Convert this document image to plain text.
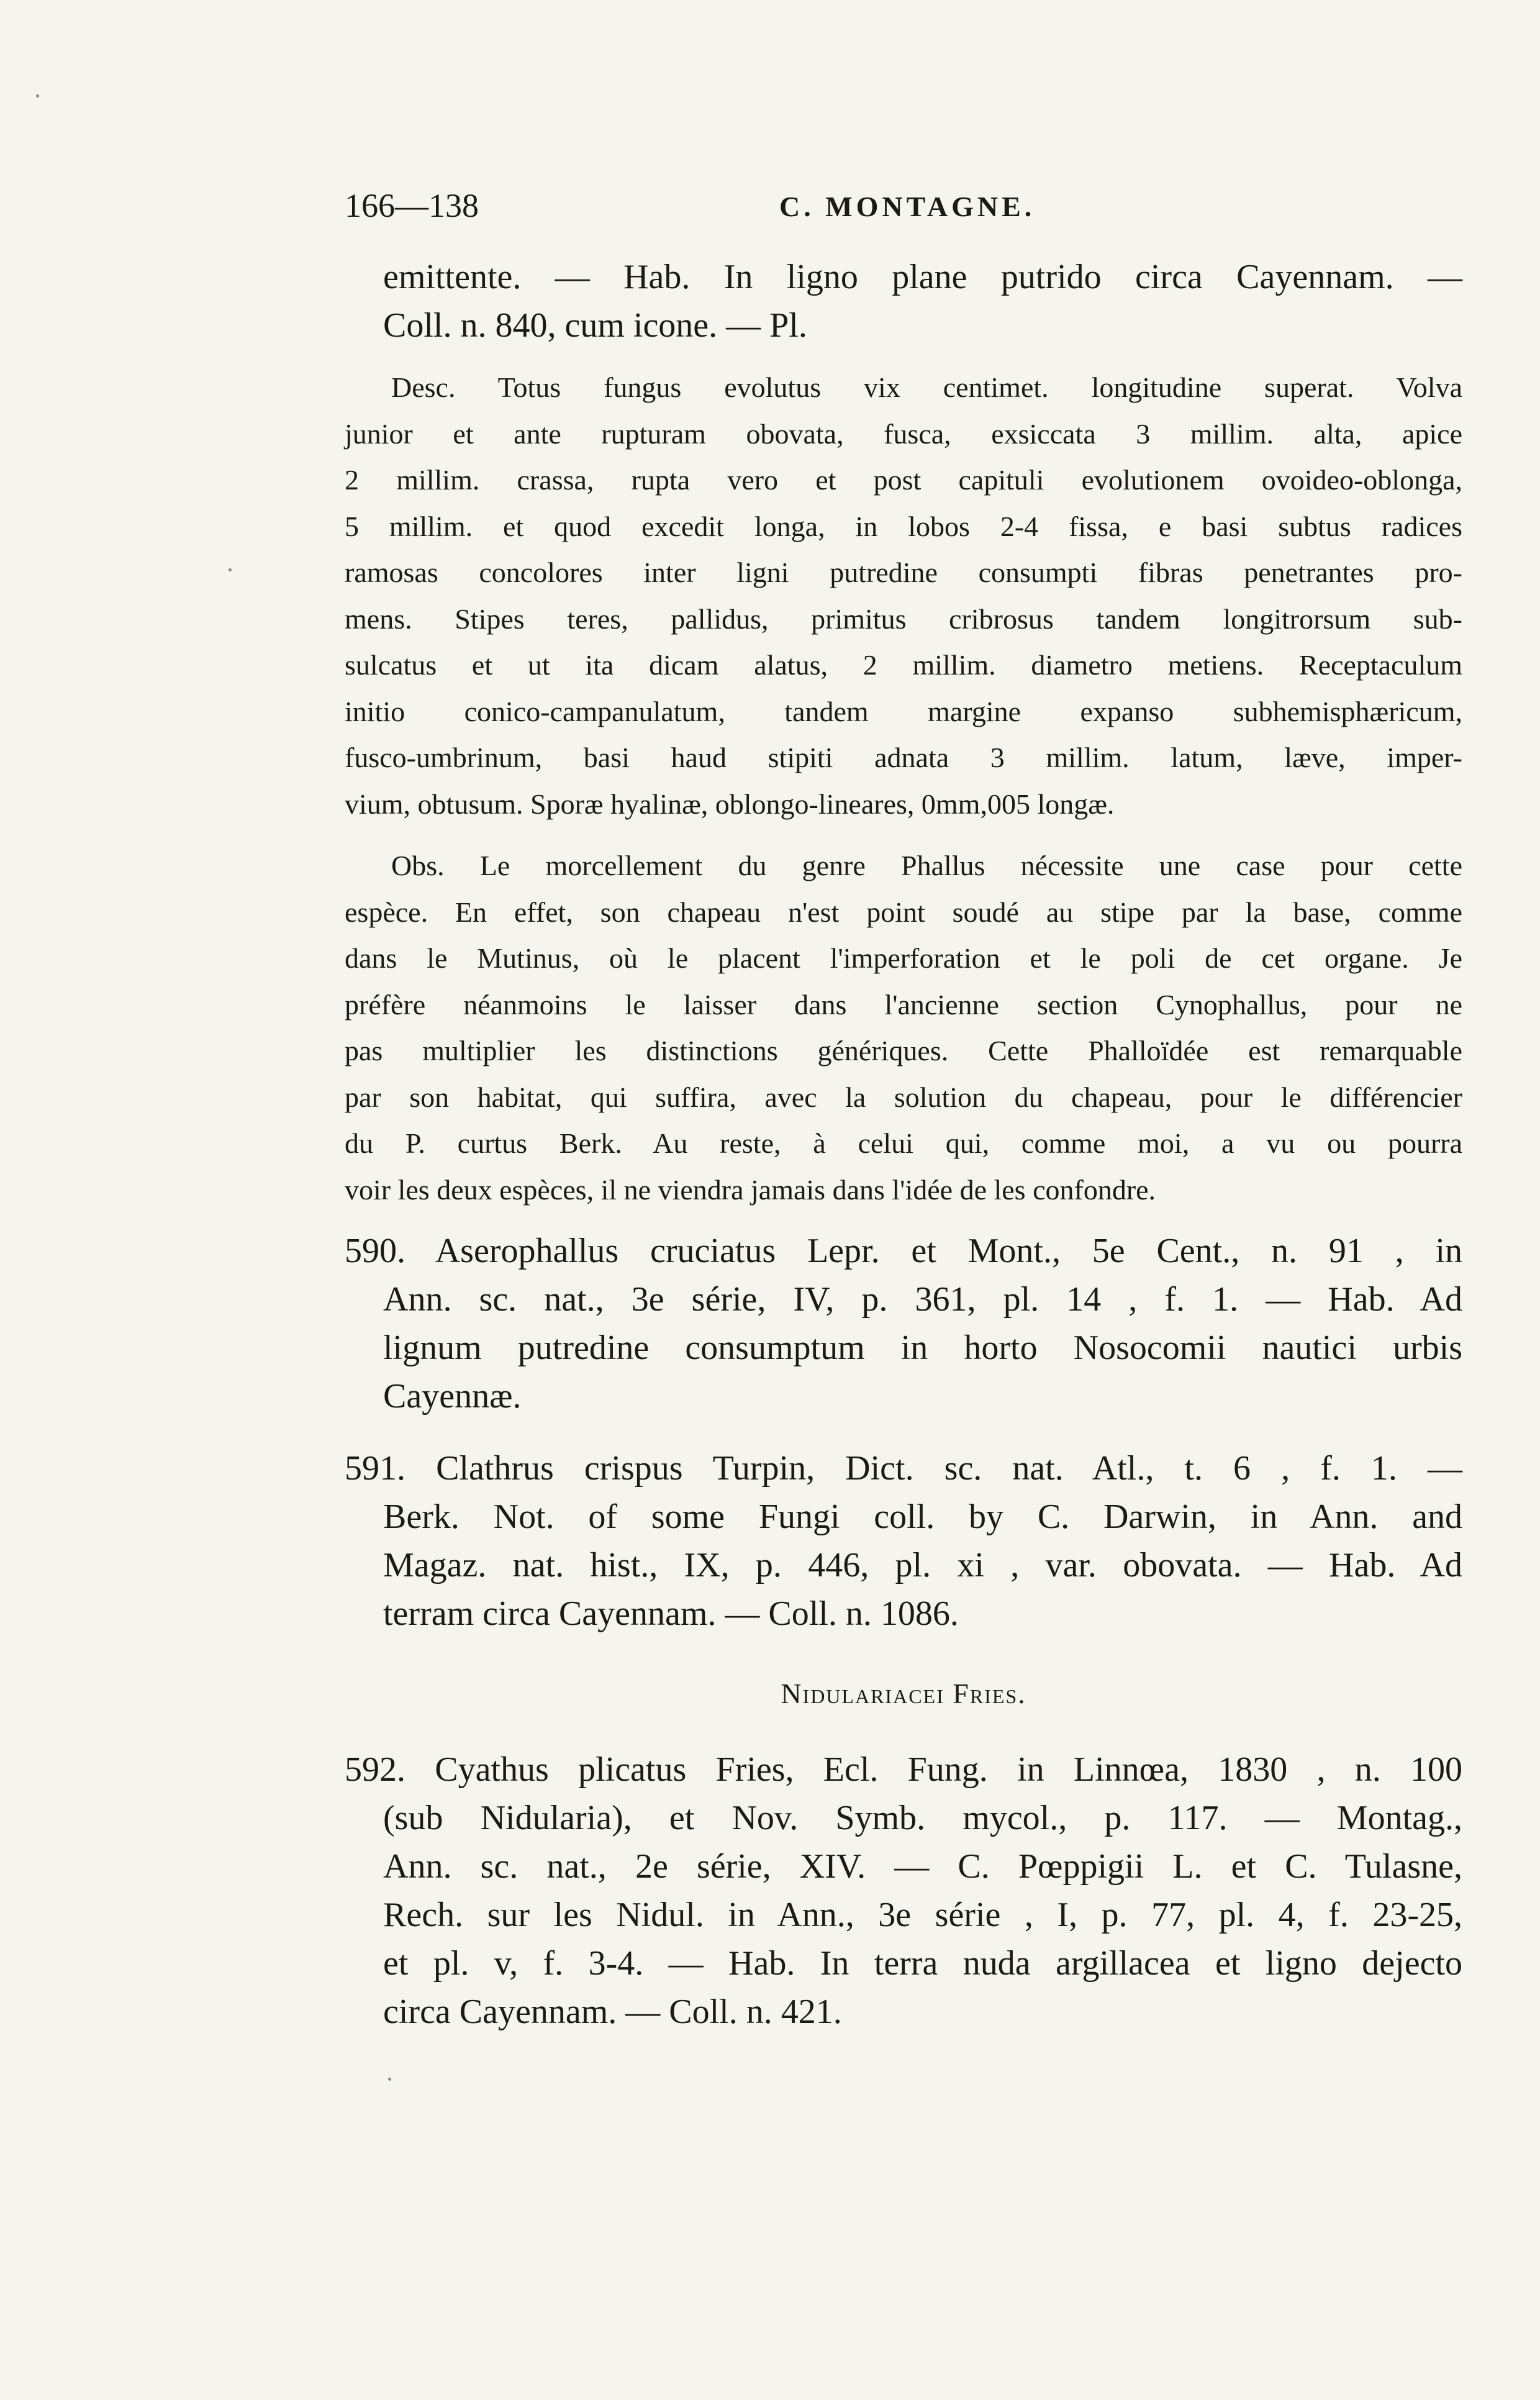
166—138	C. MONTAGNE.
emittente. — Hab. In ligno plane putrido circa Cayennam. —
Coll. n. 840, cum icone. — Pl.
Desc. Totus fungus evolutus vix centimet. longitudine superat. Volva
junior et ante rupturam obovata, fusca, exsiccata 3 millim. alta, apice
2 millim. crassa, rupta vero et post capituli evolutionem ovoideo-oblonga,
5 millim. et quod excedit longa, in lobos 2-4 fissa, e basi subtus radices
ramosas concolores inter ligni putredine consumpti fibras penetrantes pro-
mens. Stipes teres, pallidus, primitus cribrosus tandem longitrorsum sub-
sulcatus et ut ita dicam alatus, 2 millim. diametro metiens. Receptaculum
initio conico-campanulatum, tandem margine expanso subhemisphæricum,
fusco-umbrinum, basi haud stipiti adnata 3 millim. latum, læve, imper-
vium, obtusum. Sporæ hyalinæ, oblongo-lineares, 0mm,005 longæ.
Obs. Le morcellement du genre Phallus nécessite une case pour cette
espèce. En effet, son chapeau n'est point soudé au stipe par la base, comme
dans le Mutinus, où le placent l'imperforation et le poli de cet organe. Je
préfère néanmoins le laisser dans l'ancienne section Cynophallus, pour ne
pas multiplier les distinctions génériques. Cette Phalloïdée est remarquable
par son habitat, qui suffira, avec la solution du chapeau, pour le différencier
du P. curtus Berk. Au reste, à celui qui, comme moi, a vu ou pourra
voir les deux espèces, il ne viendra jamais dans l'idée de les confondre.
590. Aserophallus cruciatus Lepr. et Mont., 5e Cent., n. 91 , in
Ann. sc. nat., 3e série, IV, p. 361, pl. 14 , f. 1. — Hab. Ad
lignum putredine consumptum in horto Nosocomii nautici urbis
Cayennæ.
591. Clathrus crispus Turpin, Dict. sc. nat. Atl., t. 6 , f. 1. —
Berk. Not. of some Fungi coll. by C. Darwin, in Ann. and
Magaz. nat. hist., IX, p. 446, pl. xi , var. obovata. — Hab. Ad
terram circa Cayennam. — Coll. n. 1086.
Nidulariacei Fries.
592. Cyathus plicatus Fries, Ecl. Fung. in Linnœa, 1830 , n. 100
(sub Nidularia), et Nov. Symb. mycol., p. 117. — Montag.,
Ann. sc. nat., 2e série, XIV. — C. Pœppigii L. et C. Tulasne,
Rech. sur les Nidul. in Ann., 3e série , I, p. 77, pl. 4, f. 23-25,
et pl. v, f. 3-4. — Hab. In terra nuda argillacea et ligno dejecto
circa Cayennam. — Coll. n. 421.
